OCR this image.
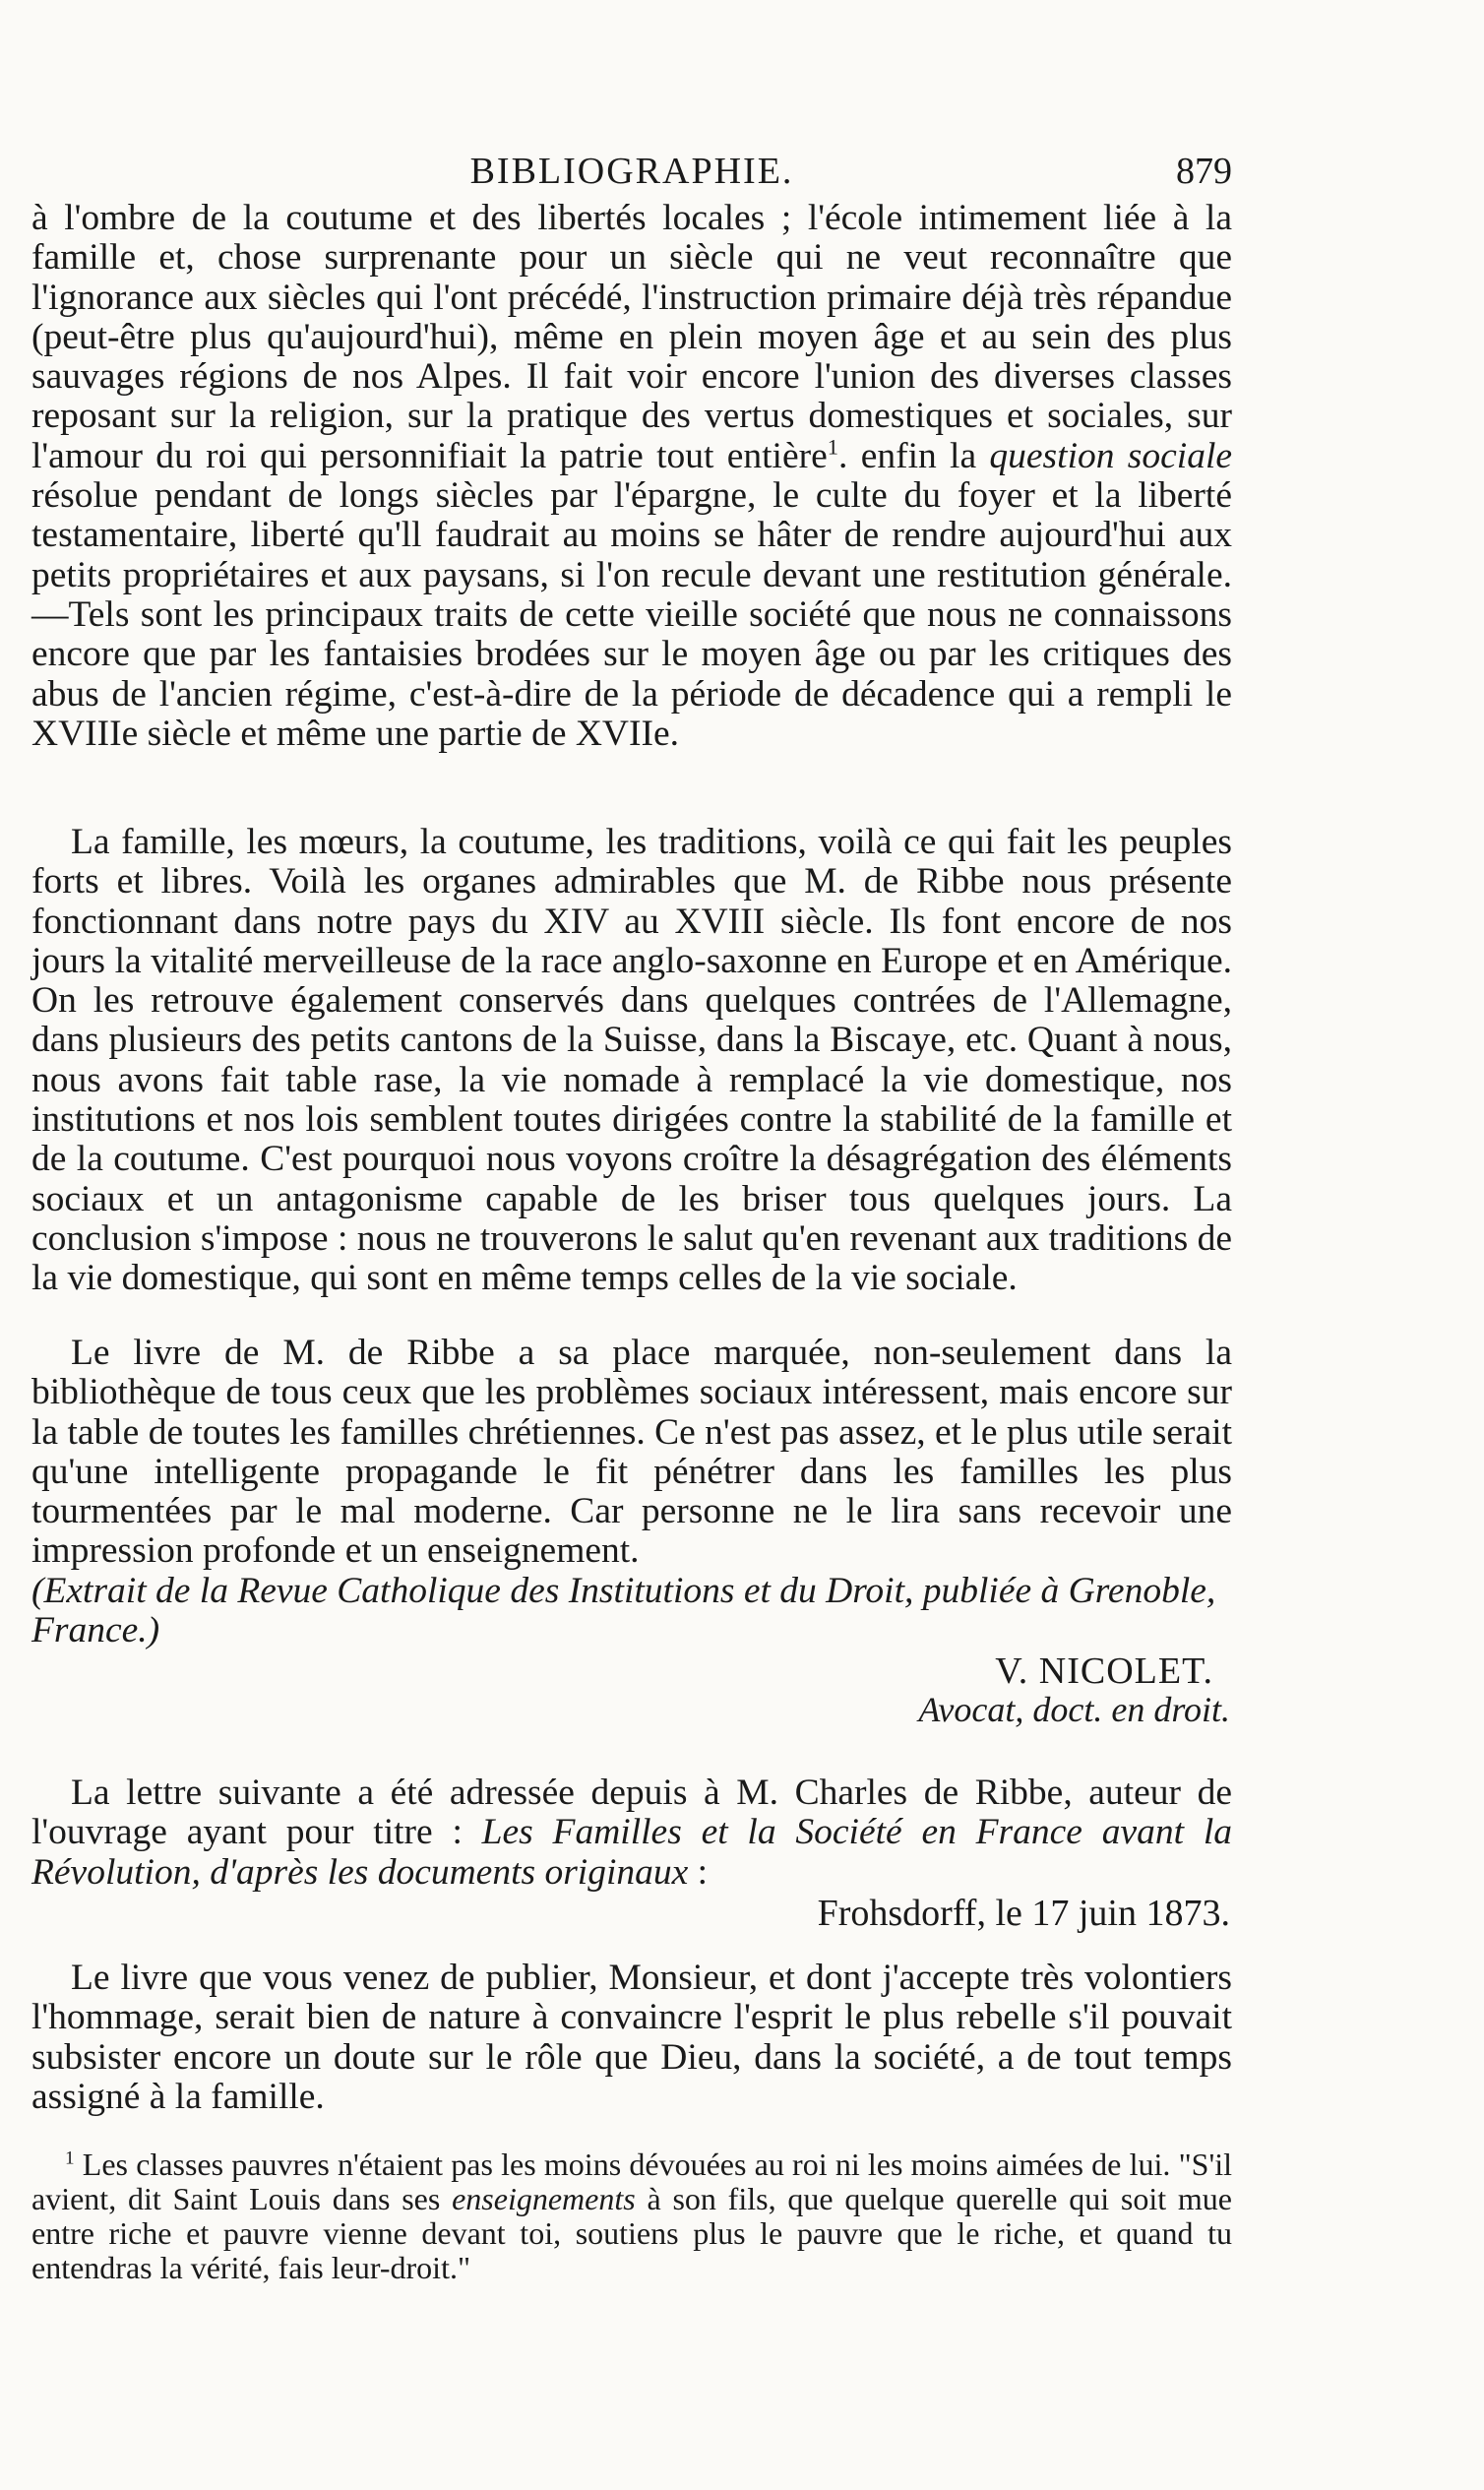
BIBLIOGRAPHIE.	879
à l'ombre de la coutume et des libertés locales ; l'école intimement liée à la famille et, chose surprenante pour un siècle qui ne veut reconnaître que l'ignorance aux siècles qui l'ont précédé, l'instruction primaire déjà très répandue (peut-être plus qu'aujourd'hui), même en plein moyen âge et au sein des plus sauvages régions de nos Alpes. Il fait voir encore l'union des diverses classes reposant sur la religion, sur la pratique des vertus domestiques et sociales, sur l'amour du roi qui personnifiait la patrie tout entière$^1$. enfin la question sociale résolue pendant de longs siècles par l'épargne, le culte du foyer et la liberté testamentaire, liberté qu'll faudrait au moins se hâter de rendre aujourd'hui aux petits propriétaires et aux paysans, si l'on recule devant une restitution générale.—Tels sont les principaux traits de cette vieille société que nous ne connaissons encore que par les fantaisies brodées sur le moyen âge ou par les critiques des abus de l'ancien régime, c'est-à-dire de la période de décadence qui a rempli le XVIIIe siècle et même une partie de XVIIe.
La famille, les mœurs, la coutume, les traditions, voilà ce qui fait les peuples forts et libres. Voilà les organes admirables que M. de Ribbe nous présente fonctionnant dans notre pays du XIV au XVIII siècle. Ils font encore de nos jours la vitalité merveilleuse de la race anglo-saxonne en Europe et en Amérique. On les retrouve également conservés dans quelques contrées de l'Allemagne, dans plusieurs des petits cantons de la Suisse, dans la Biscaye, etc. Quant à nous, nous avons fait table rase, la vie nomade à remplacé la vie domestique, nos institutions et nos lois semblent toutes dirigées contre la stabilité de la famille et de la coutume. C'est pourquoi nous voyons croître la désagrégation des éléments sociaux et un antagonisme capable de les briser tous quelques jours. La conclusion s'impose : nous ne trouverons le salut qu'en revenant aux traditions de la vie domestique, qui sont en même temps celles de la vie sociale.
Le livre de M. de Ribbe a sa place marquée, non-seulement dans la bibliothèque de tous ceux que les problèmes sociaux intéressent, mais encore sur la table de toutes les familles chrétiennes. Ce n'est pas assez, et le plus utile serait qu'une intelligente propagande le fit pénétrer dans les familles les plus tourmentées par le mal moderne. Car personne ne le lira sans recevoir une impression profonde et un enseignement.
(Extrait de la Revue Catholique des Institutions et du Droit, publiée à Grenoble, France.)
V. NICOLET.
Avocat, doct. en droit.
La lettre suivante a été adressée depuis à M. Charles de Ribbe, auteur de l'ouvrage ayant pour titre : Les Familles et la Société en France avant la Révolution, d'après les documents originaux :
Frohsdorff, le 17 juin 1873.
Le livre que vous venez de publier, Monsieur, et dont j'accepte très volontiers l'hommage, serait bien de nature à convaincre l'esprit le plus rebelle s'il pouvait subsister encore un doute sur le rôle que Dieu, dans la société, a de tout temps assigné à la famille.
$^1$ Les classes pauvres n'étaient pas les moins dévouées au roi ni les moins aimées de lui. "S'il avient, dit Saint Louis dans ses enseignements à son fils, que quelque querelle qui soit mue entre riche et pauvre vienne devant toi, soutiens plus le pauvre que le riche, et quand tu entendras la vérité, fais leur-droit."
